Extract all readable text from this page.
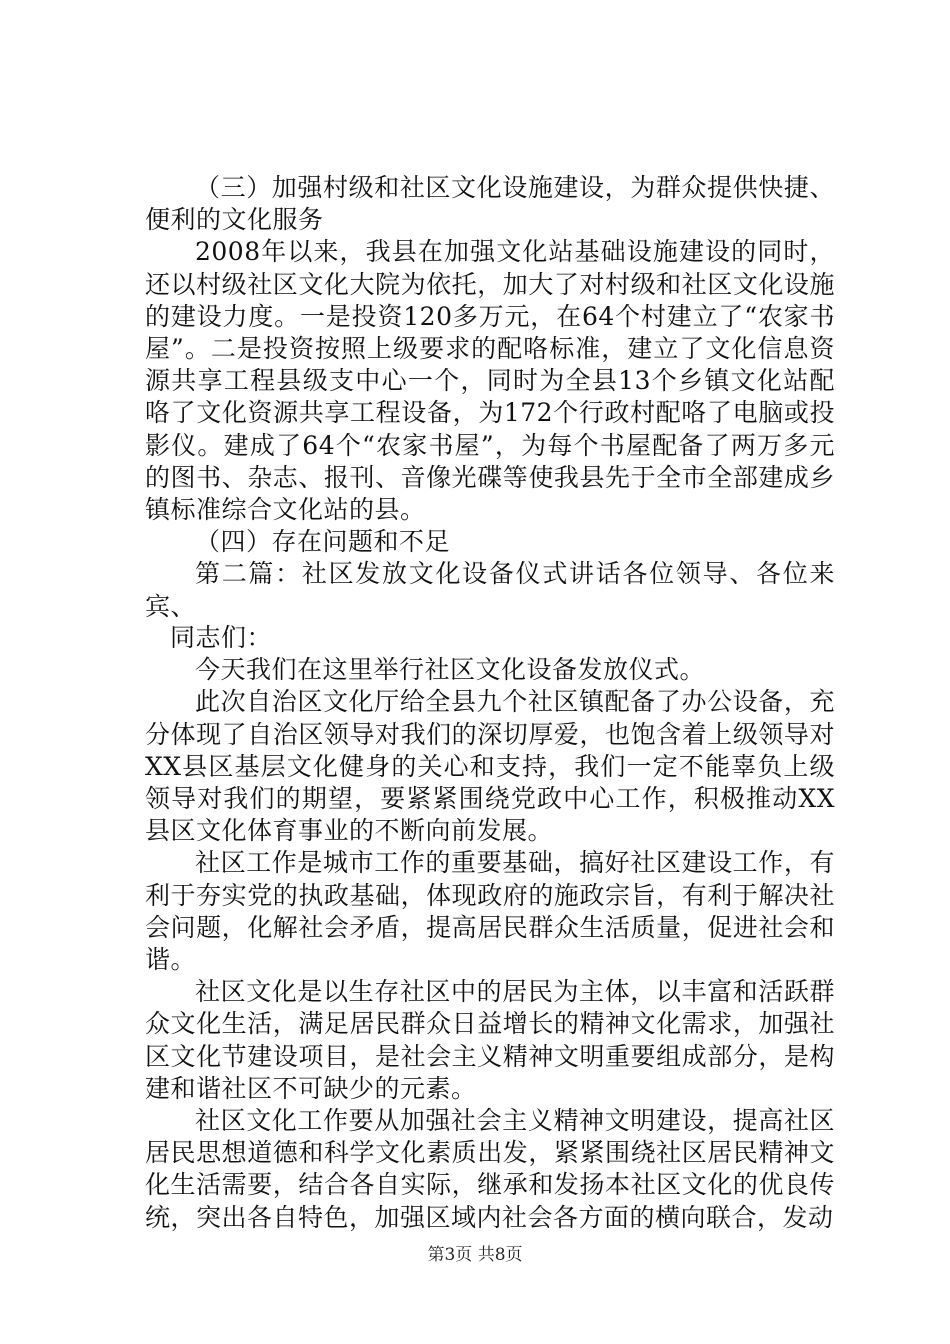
（三）加强村级和社区文化设施建设，为群众提供快捷、便利的文化服务

2008年以来，我县在加强文化站基础设施建设的同时，还以村级社区文化大院为依托，加大了对村级和社区文化设施的建设力度。一是投资120多万元，在64个村建立了“农家书屋”。二是投资按照上级要求的配咯标准，建立了文化信息资源共享工程县级支中心一个，同时为全县13个乡镇文化站配咯了文化资源共享工程设备，为172个行政村配咯了电脑或投影仪。建成了64个“农家书屋”，为每个书屋配备了两万多元的图书、杂志、报刊、音像光碟等使我县先于全市全部建成乡镇标准综合文化站的县。

（四）存在问题和不足

第二篇：社区发放文化设备仪式讲话各位领导、各位来宾、

同志们：

今天我们在这里举行社区文化设备发放仪式。

此次自治区文化厅给全县九个社区镇配备了办公设备，充分体现了自治区领导对我们的深切厚爱，也饱含着上级领导对XX县区基层文化健身的关心和支持，我们一定不能辜负上级领导对我们的期望，要紧紧围绕党政中心工作，积极推动XX县区文化体育事业的不断向前发展。

社区工作是城市工作的重要基础，搞好社区建设工作，有利于夯实党的执政基础，体现政府的施政宗旨，有利于解决社会问题，化解社会矛盾，提高居民群众生活质量，促进社会和谐。

社区文化是以生存社区中的居民为主体，以丰富和活跃群众文化生活，满足居民群众日益增长的精神文化需求，加强社区文化节建设项目，是社会主义精神文明重要组成部分，是构建和谐社区不可缺少的元素。

社区文化工作要从加强社会主义精神文明建设，提高社区居民思想道德和科学文化素质出发，紧紧围绕社区居民精神文化生活需要，结合各自实际，继承和发扬本社区文化的优良传统，突出各自特色，加强区域内社会各方面的横向联合，发动

第3页 共8页
